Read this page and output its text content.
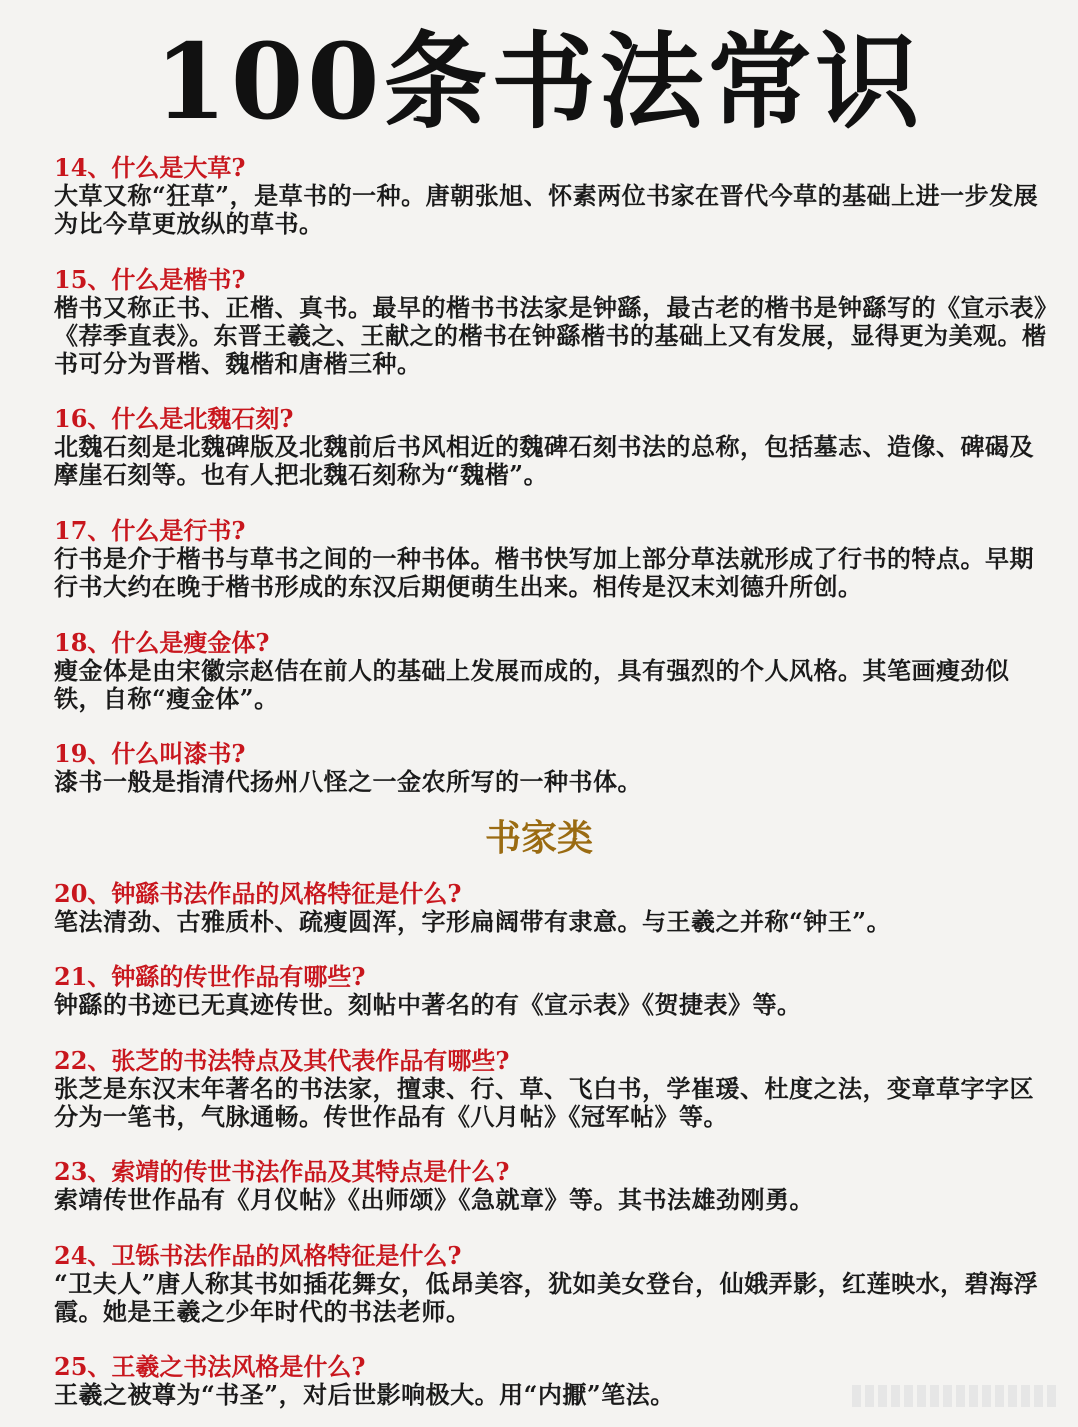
100条书法常识

14、什么是大草?

大草又称“狂草”，是草书的一种。唐朝张旭、怀素两位书家在晋代今草的基础上进一步发展为比今草更放纵的草书。

15、什么是楷书?

楷书又称正书、正楷、真书。最早的楷书书法家是钟繇，最古老的楷书是钟繇写的《宣示表》《荐季直表》。东晋王羲之、王献之的楷书在钟繇楷书的基础上又有发展，显得更为美观。楷书可分为晋楷、魏楷和唐楷三种。

16、什么是北魏石刻?

北魏石刻是北魏碑版及北魏前后书风相近的魏碑石刻书法的总称，包括墓志、造像、碑碣及摩崖石刻等。也有人把北魏石刻称为“魏楷”。

17、什么是行书?

行书是介于楷书与草书之间的一种书体。楷书快写加上部分草法就形成了行书的特点。早期行书大约在晚于楷书形成的东汉后期便萌生出来。相传是汉末刘德升所创。

18、什么是瘦金体?

瘦金体是由宋徽宗赵佶在前人的基础上发展而成的，具有强烈的个人风格。其笔画瘦劲似铁，自称“瘦金体”。

19、什么叫漆书?

漆书一般是指清代扬州八怪之一金农所写的一种书体。

书家类

20、钟繇书法作品的风格特征是什么?

笔法清劲、古雅质朴、疏瘦圆浑，字形扁阔带有隶意。与王羲之并称“钟王”。

21、钟繇的传世作品有哪些?

钟繇的书迹已无真迹传世。刻帖中著名的有《宣示表》《贺捷表》等。

22、张芝的书法特点及其代表作品有哪些?

张芝是东汉末年著名的书法家，擅隶、行、草、飞白书，学崔瑗、杜度之法，变章草字字区分为一笔书，气脉通畅。传世作品有《八月帖》《冠军帖》等。

23、索靖的传世书法作品及其特点是什么?

索靖传世作品有《月仪帖》《出师颂》《急就章》等。其书法雄劲刚勇。

24、卫铄书法作品的风格特征是什么?

“卫夫人”唐人称其书如插花舞女，低昂美容，犹如美女登台，仙娥弄影，红莲映水，碧海浮霞。她是王羲之少年时代的书法老师。

25、王羲之书法风格是什么?

王羲之被尊为“书圣”，对后世影响极大。用“内擫”笔法。
